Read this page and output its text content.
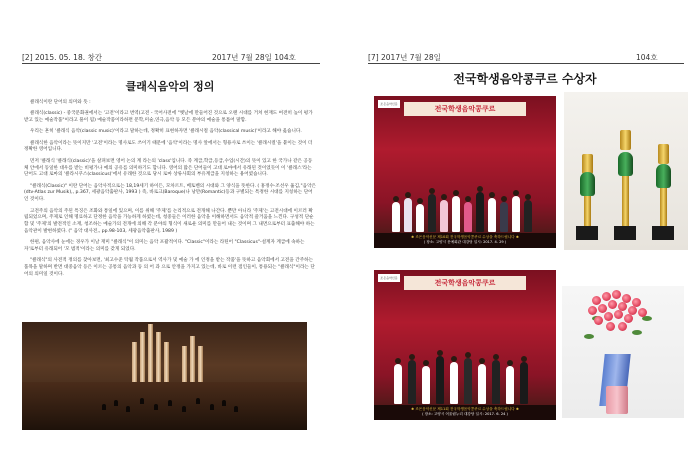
[2] 2015. 05. 18. 창간	2017년 7월 28일 104호
클래식음악의 정의

클래식이란 단어의 의미와 뜻 :

클래식(classic) - 중국문화권에서는 '고전'이라고 번역(고전 - 국어사전에 "옛날에 만들어진 것으로 오랜 시대를 거쳐 현재도 여전히 높이 평가받고 있는 예술작품"이라고 풀이 됨) 예술작품이라하면 문학,미술,연극,음악 등 모든 분야의 예술을 통틀어 말함.

우리는 흔히 '클래식 음악(classic music)'이라고 말하는데, 정확히 표현하자면 '클래시컬 음악(classical music)'이라고 해야 옳습니다.

클래식한 음악이라는 뜻이지만 '고전'이라는 명사로도 쓰이기 때문에 '음악'이라는 명사 앞에서는 형용사로 쓰이는 '클래시컬'을 붙이는 것이 더 정확한 영어입니다.

먼저 '클래식 '클래식(classic)'을 살펴보면 영어 논의 계 라는의 'class'입니다. 즉 계급,학급,등급,수업(시간)의 뜻이 있고 한 국가나 같은 공동체 안에서 동일한 대우를 받는 비평가나 예의 공유를 의미하기도 합니다. 영어의 많은 단어들이 고대 로마에서 유래된 것이었듯이 이 '클래스'라는 단어도 고대 로마의 '클라시쿠스(classicus)'에서 유래한 것으로 당시 로마 상류사회의 부유계급을 지칭하는 용어였습니다.

"클래식(Classic)" 이란 단어는 음악사적으로는 18,19세기 하이든, 모차르트, 베토벤의 시대와 그 양식을 뜻한다. ( 홍정수·조선우 옮김,"음악은(dtv-Atlas zur Musik),, p.367, 세광음악출판사, 1993 ) 즉, 바로크(Baroque)나 낭만(Romantic)등과 구별되는 특정한 시대를 지칭하는 단어인 것이다.

고전주의 음악의 주된 특징은 조화와 통일에 있으며, 이를 위해 '주제'를 논리적으로 전개해 나간다. 뿐만 아니라 '주제'는 고전시대에 이르러 확립되었으며, 주제로 인해 명료하고 단정한 음악을 가능하게 하였는데, 청중들은 이러한 음악을 이해하면서도 음악적 즐거움을 느낀다. 구성적 단순함 및 '주제'의 발전적인 소재, 청조하는 예술가의 전개에 의해 각 분야의 형식이 새로운 의미를 만들어 내는 것이며 그 내면으로부터 표출해야 하는 음악관이 발현하였다. (" 음악 대사전,, pp.98-103, 세광음악출판사, 1989 )

한편, 음악사에 눈에는 경우가 이날 재미 "클래식"이 의미는 음악 포괄적이다. "Classic"이라는 라틴어 "Classicus"-설계자 계급에 속하는 자'로부터 유래되어 '모 범적'이라는 의미를 갖게 되었다.

"클래식"의 사전적 정의를 찾아보면, '최고수준 탁월 작품으로서 역사가 및 예술 가 에 인정을 받는 작품'을 뜻하고 음악회에서 고전을 간주하는 품목을 말하며 반면 대중음악 등은 이르는 공통의 음악과 등 의 어 과 으로 안정을 가지고 있는데, 바로 이런 점인들이, 통용되는 "클래식"이라는 단어의 의미일 것이다.

[7] 2017년 7월 28일	104호
전국학생음악콩쿠르 수상자
조은음악신문
전국학생음악콩쿠르
❀ 조은음악신문 제10회 전국학생음악콩쿠르 수상을 축하드립니다 ❀
( 장소: 고양시 문예회관 대강당 일시: 2017. 4. 29 )
조은음악신문
전국학생음악콩쿠르
❀ 조은음악신문 제11회 전국학생음악콩쿠르 수상을 축하드립니다 ❀
( 장소: 고양시 어울림누리 대강당 일시: 2017. 6. 24 )
